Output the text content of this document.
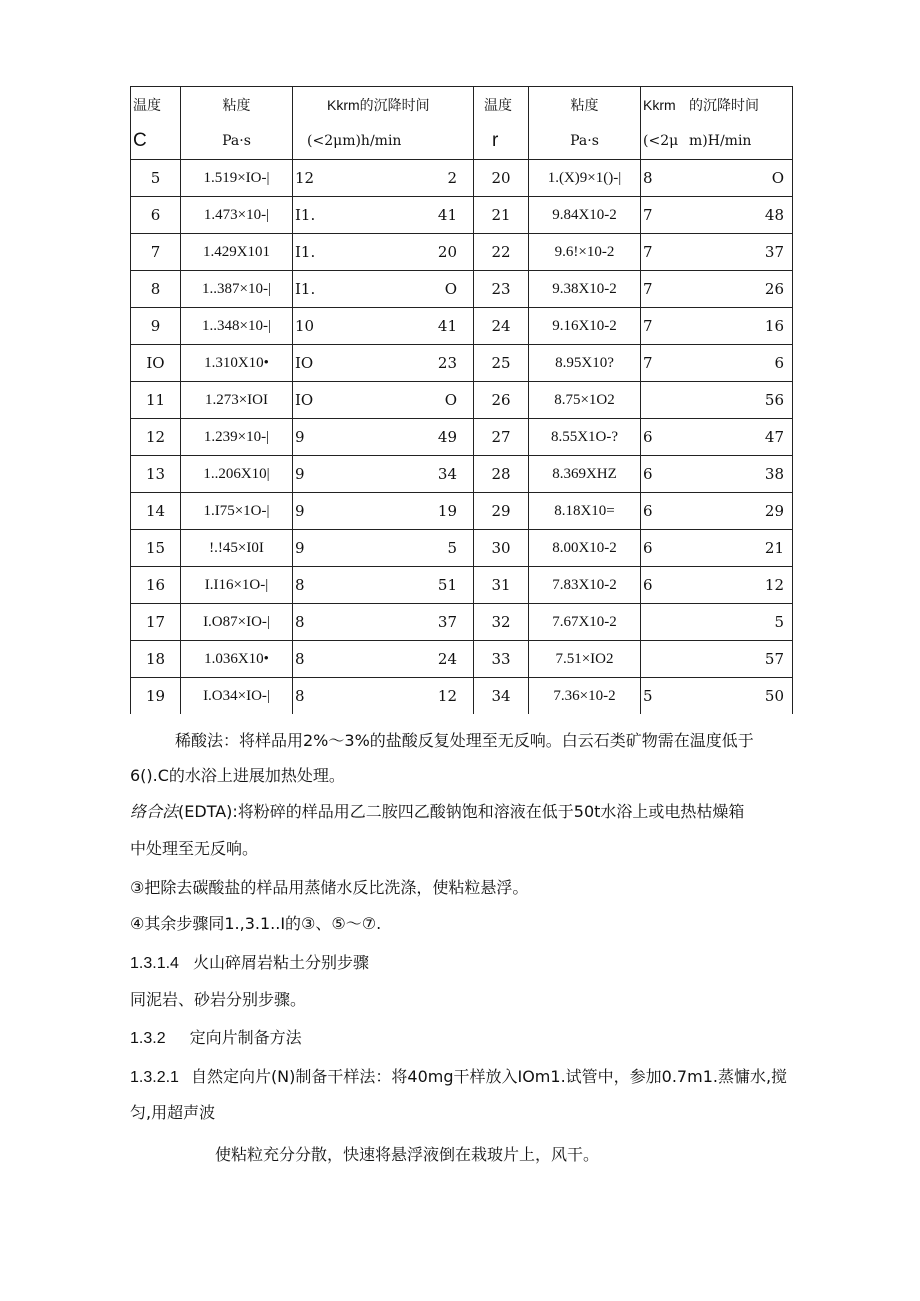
温度	粘度	Kkrm的沉降时间	温度	粘度	Kkrm 的沉降时间

C	Pa·s	(<2μm)h∕min	r	Pa·s	(<2μ m)H∕min

5	1.519×IO-|	12 2	20	1.(X)9×1()-|	8 O

6	1.473×10-|	I1. 41	21	9.84X10-2	7 48

7	1.429X101	I1. 20	22	9.6!×10-2	7 37

8	1..387×10-|	I1. O	23	9.38X10-2	7 26

9	1..348×10-|	10 41	24	9.16X10-2	7 16

IO	1.310X10•	IO 23	25	8.95X10?	7 6

11	1.273×IOI	IO O	26	8.75×1O2	56

12	1.239×10-|	9 49	27	8.55X1O-?	6 47

13	1..206X10|	9 34	28	8.369XHZ	6 38

14	1.I75×1O-|	9 19	29	8.18X10=	6 29

15	!.!45×I0I	9 5	30	8.00X10-2	6 21

16	I.I16×1O-|	8 51	31	7.83X10-2	6 12

17	I.O87×IO-|	8 37	32	7.67X10-2	5

18	1.036X10•	8 24	33	7.51×IO2	57

19	I.O34×IO-|	8 12	34	7.36×10-2	5 50
稀酸法：将样品用2%～3%的盐酸反复处理至无反响。白云石类矿物需在温度低于
6().C的水浴上进展加热处理。
络合法(EDTA):将粉碎的样品用乙二胺四乙酸钠饱和溶液在低于50t水浴上或电热枯燥箱
中处理至无反响。
③把除去碳酸盐的样品用蒸储水反比洗涤，使粘粒悬浮。
④其余步骤同1.,3.1..I的③、⑤～⑦.
1.3.1.4 火山碎屑岩粘土分别步骤
同泥岩、砂岩分别步骤。
1.3.2 定向片制备方法
1.3.2.1 自然定向片(N)制备干样法：将40mg干样放入IOm1.试管中，参加0.7m1.蒸慵水,搅
匀,用超声波
使粘粒充分分散，快速将悬浮液倒在栽玻片上，风干。
